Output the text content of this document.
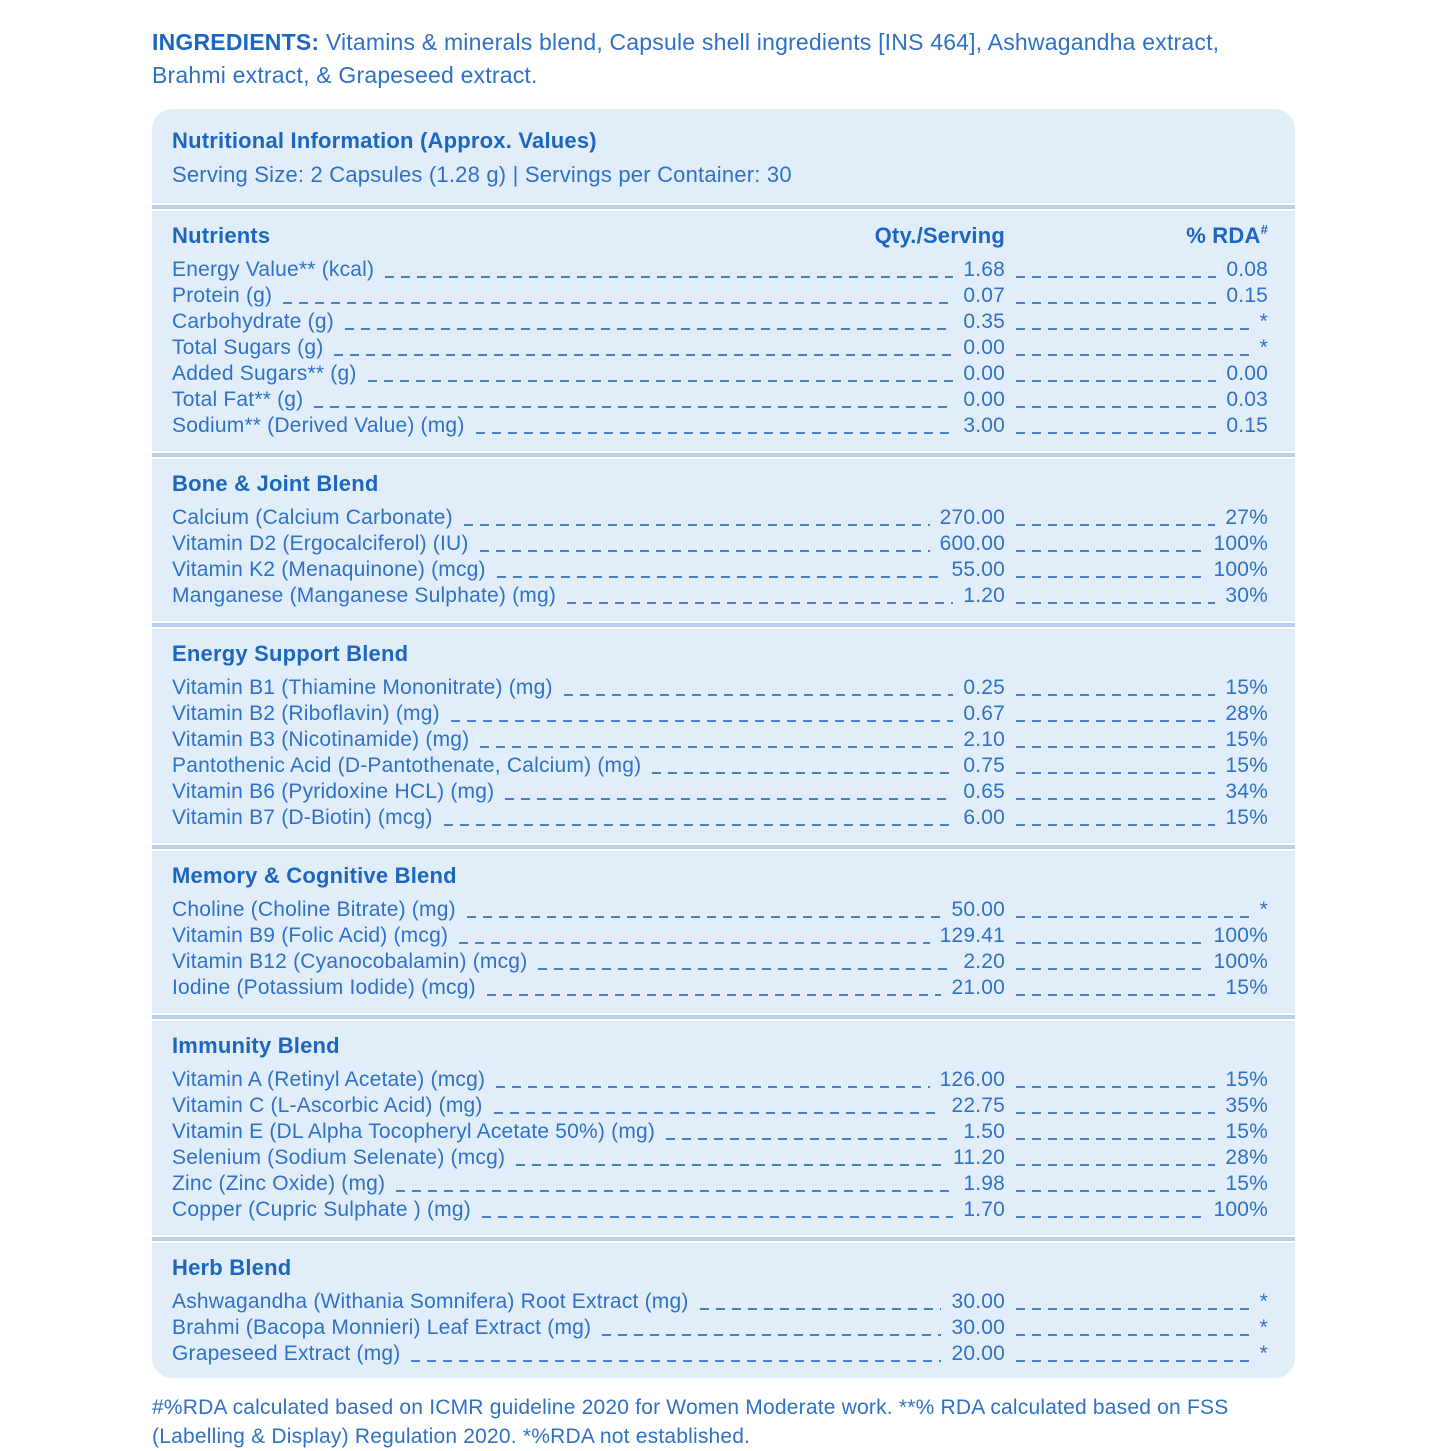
INGREDIENTS: Vitamins & minerals blend, Capsule shell ingredients [INS 464], Ashwagandha extract, Brahmi extract, & Grapeseed extract.

Nutritional Information (Approx. Values)
Serving Size: 2 Capsules (1.28 g) | Servings per Container: 30
Nutrients	Qty./Serving	% RDA#
Energy Value** (kcal)	1.68	0.08
Protein (g)	0.07	0.15
Carbohydrate (g)	0.35	*
Total Sugars (g)	0.00	*
Added Sugars** (g)	0.00	0.00
Total Fat** (g)	0.00	0.03
Sodium** (Derived Value) (mg)	3.00	0.15
Bone & Joint Blend
Calcium (Calcium Carbonate)	270.00	27%
Vitamin D2 (Ergocalciferol) (IU)	600.00	100%
Vitamin K2 (Menaquinone) (mcg)	55.00	100%
Manganese (Manganese Sulphate) (mg)	1.20	30%
Energy Support Blend
Vitamin B1 (Thiamine Mononitrate) (mg)	0.25	15%
Vitamin B2 (Riboflavin) (mg)	0.67	28%
Vitamin B3 (Nicotinamide) (mg)	2.10	15%
Pantothenic Acid (D-Pantothenate, Calcium) (mg)	0.75	15%
Vitamin B6 (Pyridoxine HCL) (mg)	0.65	34%
Vitamin B7 (D-Biotin) (mcg)	6.00	15%
Memory & Cognitive Blend
Choline (Choline Bitrate) (mg)	50.00	*
Vitamin B9 (Folic Acid) (mcg)	129.41	100%
Vitamin B12 (Cyanocobalamin) (mcg)	2.20	100%
Iodine (Potassium Iodide) (mcg)	21.00	15%
Immunity Blend
Vitamin A (Retinyl Acetate) (mcg)	126.00	15%
Vitamin C (L-Ascorbic Acid) (mg)	22.75	35%
Vitamin E (DL Alpha Tocopheryl Acetate 50%) (mg)	1.50	15%
Selenium (Sodium Selenate) (mcg)	11.20	28%
Zinc (Zinc Oxide) (mg)	1.98	15%
Copper (Cupric Sulphate ) (mg)	1.70	100%
Herb Blend
Ashwagandha (Withania Somnifera) Root Extract (mg)	30.00	*
Brahmi (Bacopa Monnieri) Leaf Extract (mg)	30.00	*
Grapeseed Extract (mg)	20.00	*

#%RDA calculated based on ICMR guideline 2020 for Women Moderate work. **% RDA calculated based on FSS (Labelling & Display) Regulation 2020. *%RDA not established.
